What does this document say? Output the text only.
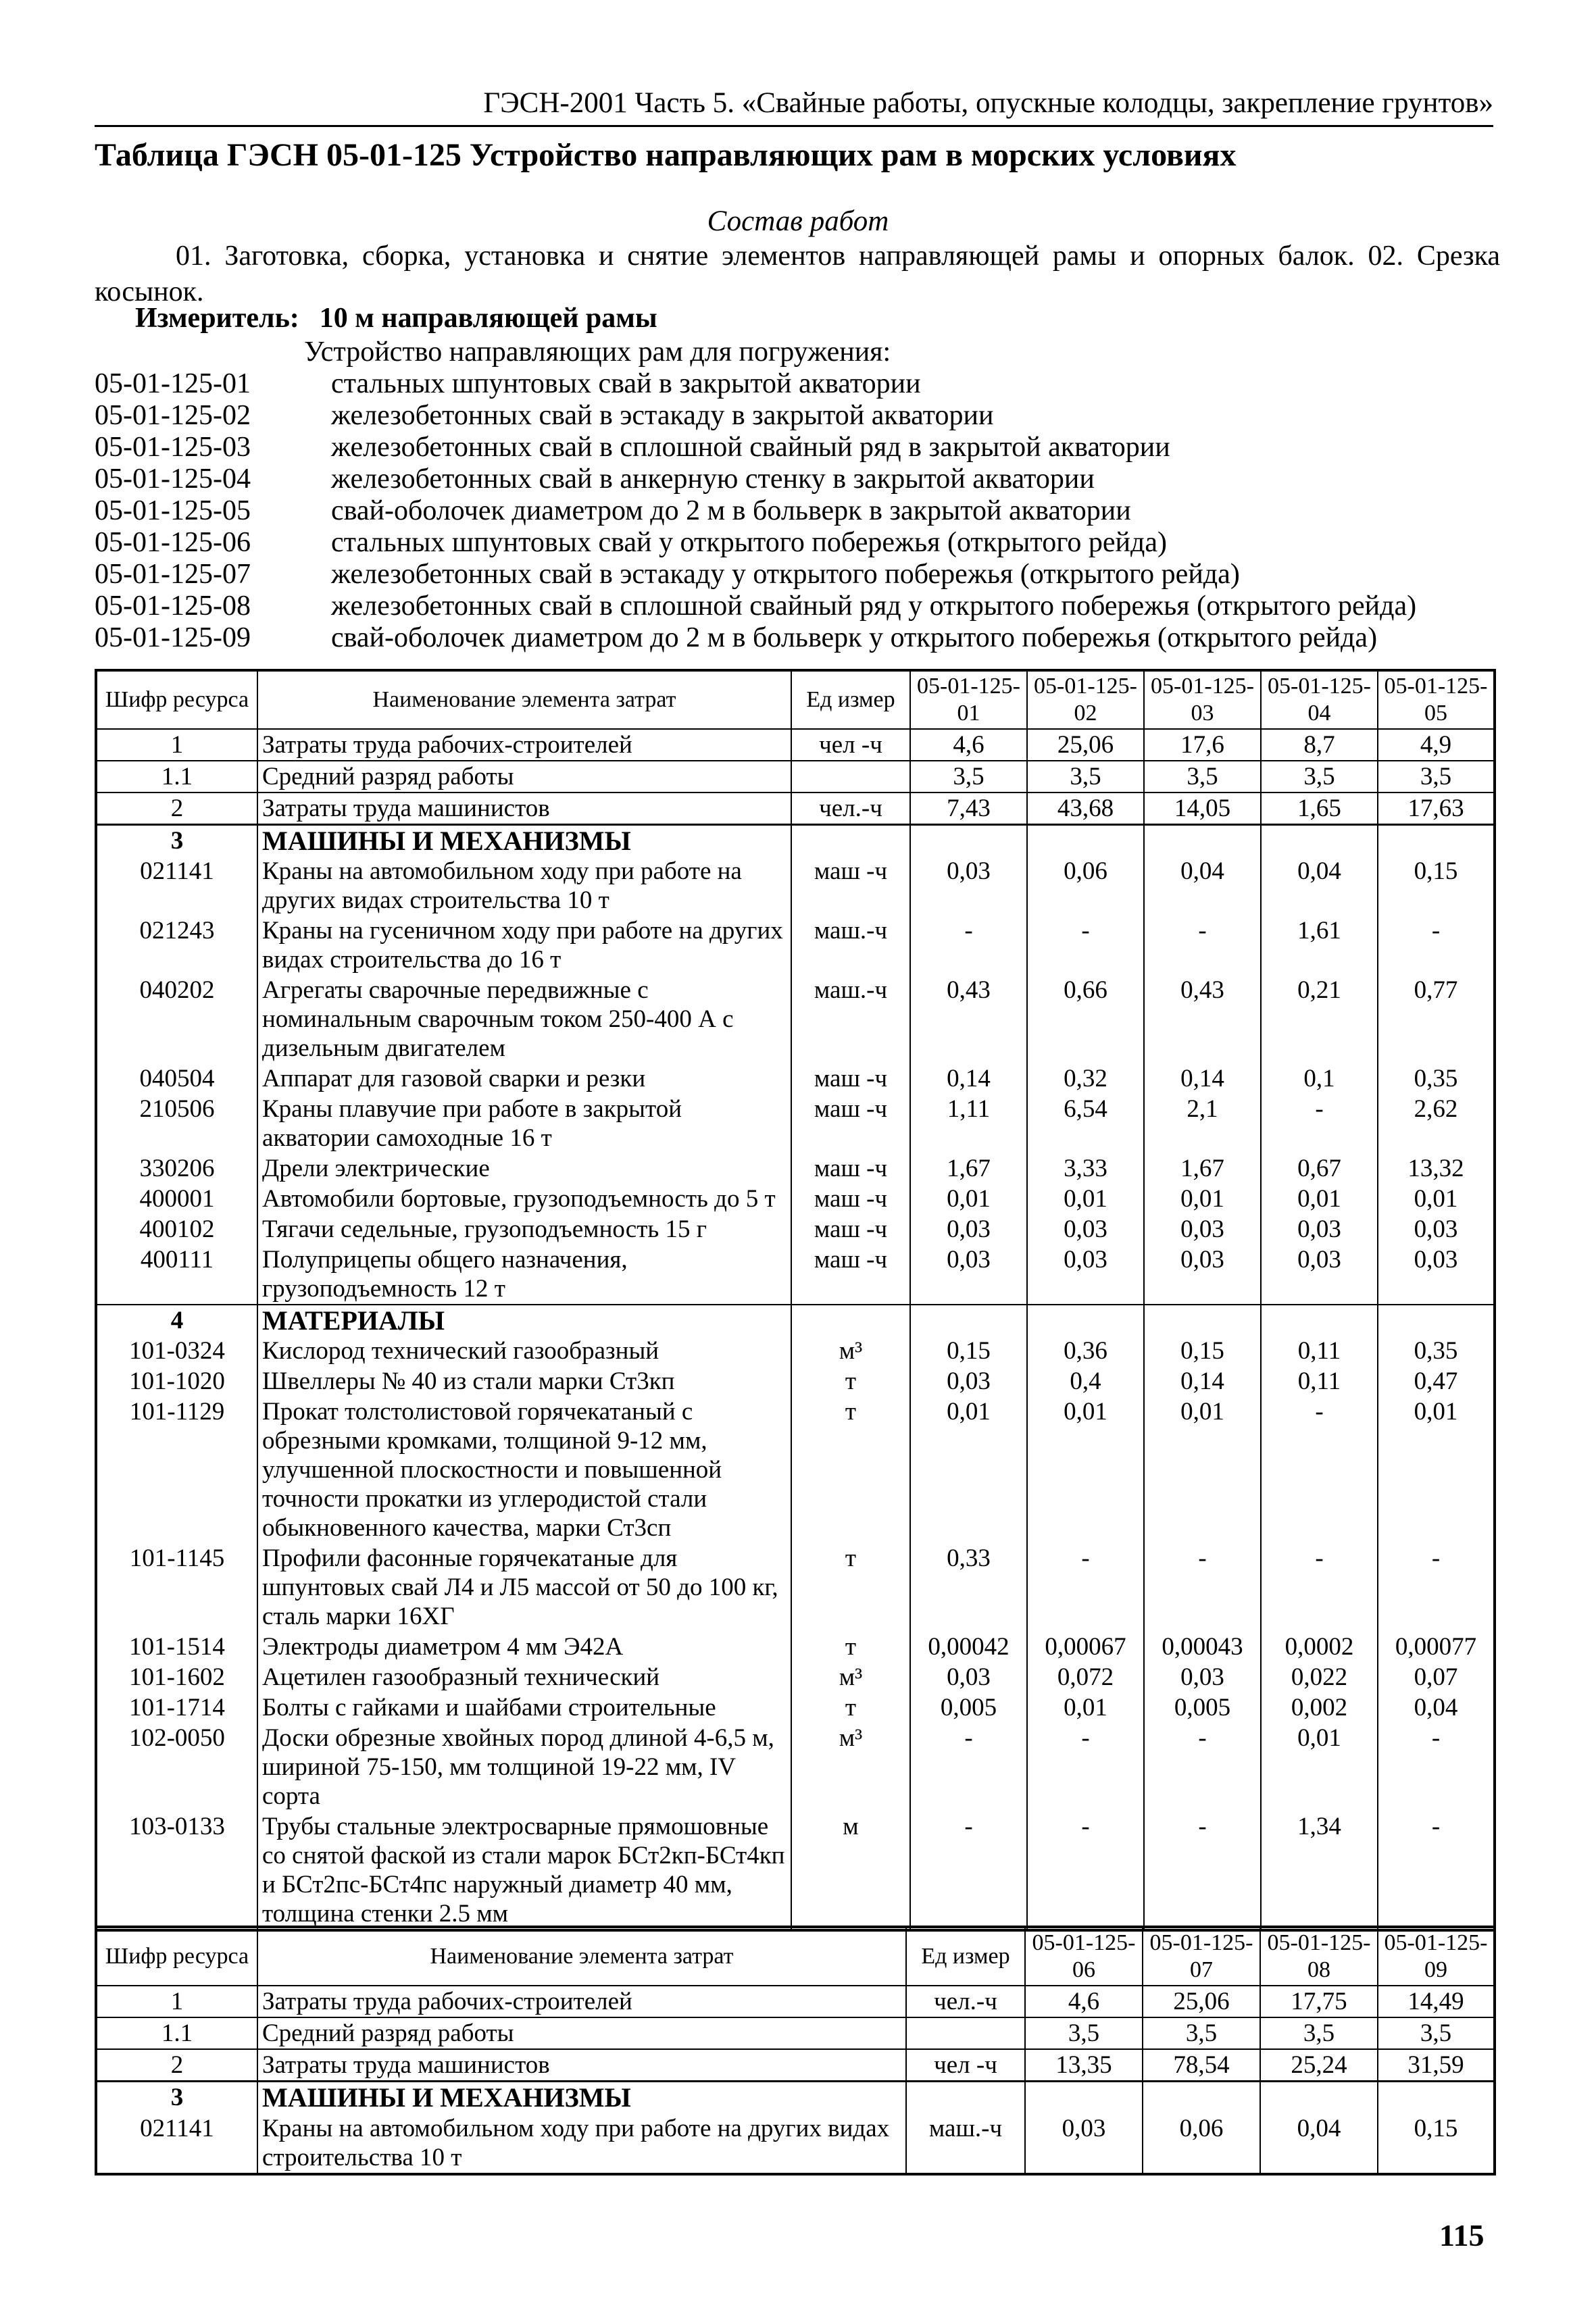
ГЭСН-2001 Часть 5. «Свайные работы, опускные колодцы, закрепление грунтов»
Таблица ГЭСН 05-01-125 Устройство направляющих рам в морских условиях
Состав работ
01. Заготовка, сборка, установка и снятие элементов направляющей рамы и опорных балок. 02. Срезка косынок.
Измеритель: 10 м направляющей рамы
Устройство направляющих рам для погружения:
05-01-125-01	стальных шпунтовых свай в закрытой акватории
05-01-125-02	железобетонных свай в эстакаду в закрытой акватории
05-01-125-03	железобетонных свай в сплошной свайный ряд в закрытой акватории
05-01-125-04	железобетонных свай в анкерную стенку в закрытой акватории
05-01-125-05	свай-оболочек диаметром до 2 м в больверк в закрытой акватории
05-01-125-06	стальных шпунтовых свай у открытого побережья (открытого рейда)
05-01-125-07	железобетонных свай в эстакаду у открытого побережья (открытого рейда)
05-01-125-08	железобетонных свай в сплошной свайный ряд у открытого побережья (открытого рейда)
05-01-125-09	свай-оболочек диаметром до 2 м в больверк у открытого побережья (открытого рейда)
Шифр ресурса	Наименование элемента затрат	Ед измер	05-01-125-01	05-01-125-02	05-01-125-03	05-01-125-04	05-01-125-05
1	Затраты труда рабочих-строителей	чел -ч	4,6	25,06	17,6	8,7	4,9
1.1	Средний разряд работы		3,5	3,5	3,5	3,5	3,5
2	Затраты труда машинистов	чел.-ч	7,43	43,68	14,05	1,65	17,63
3	МАШИНЫ И МЕХАНИЗМЫ						
021141	Краны на автомобильном ходу при работе на других видах строительства 10 т	маш -ч	0,03	0,06	0,04	0,04	0,15
021243	Краны на гусеничном ходу при работе на других видах строительства до 16 т	маш.-ч	-	-	-	1,61	-
040202	Агрегаты сварочные передвижные с номинальным сварочным током 250-400 А с дизельным двигателем	маш.-ч	0,43	0,66	0,43	0,21	0,77
040504	Аппарат для газовой сварки и резки	маш -ч	0,14	0,32	0,14	0,1	0,35
210506	Краны плавучие при работе в закрытой акватории самоходные 16 т	маш -ч	1,11	6,54	2,1	-	2,62
330206	Дрели электрические	маш -ч	1,67	3,33	1,67	0,67	13,32
400001	Автомобили бортовые, грузоподъемность до 5 т	маш -ч	0,01	0,01	0,01	0,01	0,01
400102	Тягачи седельные, грузоподъемность 15 г	маш -ч	0,03	0,03	0,03	0,03	0,03
400111	Полуприцепы общего назначения, грузоподъемность 12 т	маш -ч	0,03	0,03	0,03	0,03	0,03
4	МАТЕРИАЛЫ						
101-0324	Кислород технический газообразный	м³	0,15	0,36	0,15	0,11	0,35
101-1020	Швеллеры № 40 из стали марки Ст3кп	т	0,03	0,4	0,14	0,11	0,47
101-1129	Прокат толстолистовой горячекатаный с обрезными кромками, толщиной 9-12 мм, улучшенной плоскостности и повышенной точности прокатки из углеродистой стали обыкновенного качества, марки Ст3сп	т	0,01	0,01	0,01	-	0,01
101-1145	Профили фасонные горячекатаные для шпунтовых свай Л4 и Л5 массой от 50 до 100 кг, сталь марки 16ХГ	т	0,33	-	-	-	-
101-1514	Электроды диаметром 4 мм Э42А	т	0,00042	0,00067	0,00043	0,0002	0,00077
101-1602	Ацетилен газообразный технический	м³	0,03	0,072	0,03	0,022	0,07
101-1714	Болты с гайками и шайбами строительные	т	0,005	0,01	0,005	0,002	0,04
102-0050	Доски обрезные хвойных пород длиной 4-6,5 м, шириной 75-150, мм толщиной 19-22 мм, IV сорта	м³	-	-	-	0,01	-
103-0133	Трубы стальные электросварные прямошовные со снятой фаской из стали марок БСт2кп-БСт4кп и БСт2пс-БСт4пс наружный диаметр 40 мм, толщина стенки 2.5 мм	м	-	-	-	1,34	-
Шифр ресурса	Наименование элемента затрат	Ед измер	05-01-125-06	05-01-125-07	05-01-125-08	05-01-125-09
1	Затраты труда рабочих-строителей	чел.-ч	4,6	25,06	17,75	14,49
1.1	Средний разряд работы		3,5	3,5	3,5	3,5
2	Затраты труда машинистов	чел -ч	13,35	78,54	25,24	31,59
3	МАШИНЫ И МЕХАНИЗМЫ					
021141	Краны на автомобильном ходу при работе на других видах строительства 10 т	маш.-ч	0,03	0,06	0,04	0,15
115
